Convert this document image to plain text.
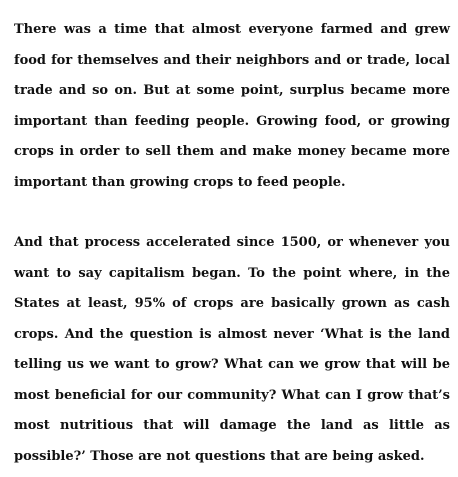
There was a time that almost everyone farmed and grew food for themselves and their neighbors and or trade, local trade and so on. But at some point, surplus became more important than feeding people. Growing food, or growing crops in order to sell them and make money became more important than growing crops to feed people.

And that process accelerated since 1500, or whenever you want to say capitalism began. To the point where, in the States at least, 95% of crops are basically grown as cash crops. And the question is almost never ‘What is the land telling us we want to grow? What can we grow that will be most beneficial for our community? What can I grow that’s most nutritious that will damage the land as little as possible?’ Those are not questions that are being asked.
